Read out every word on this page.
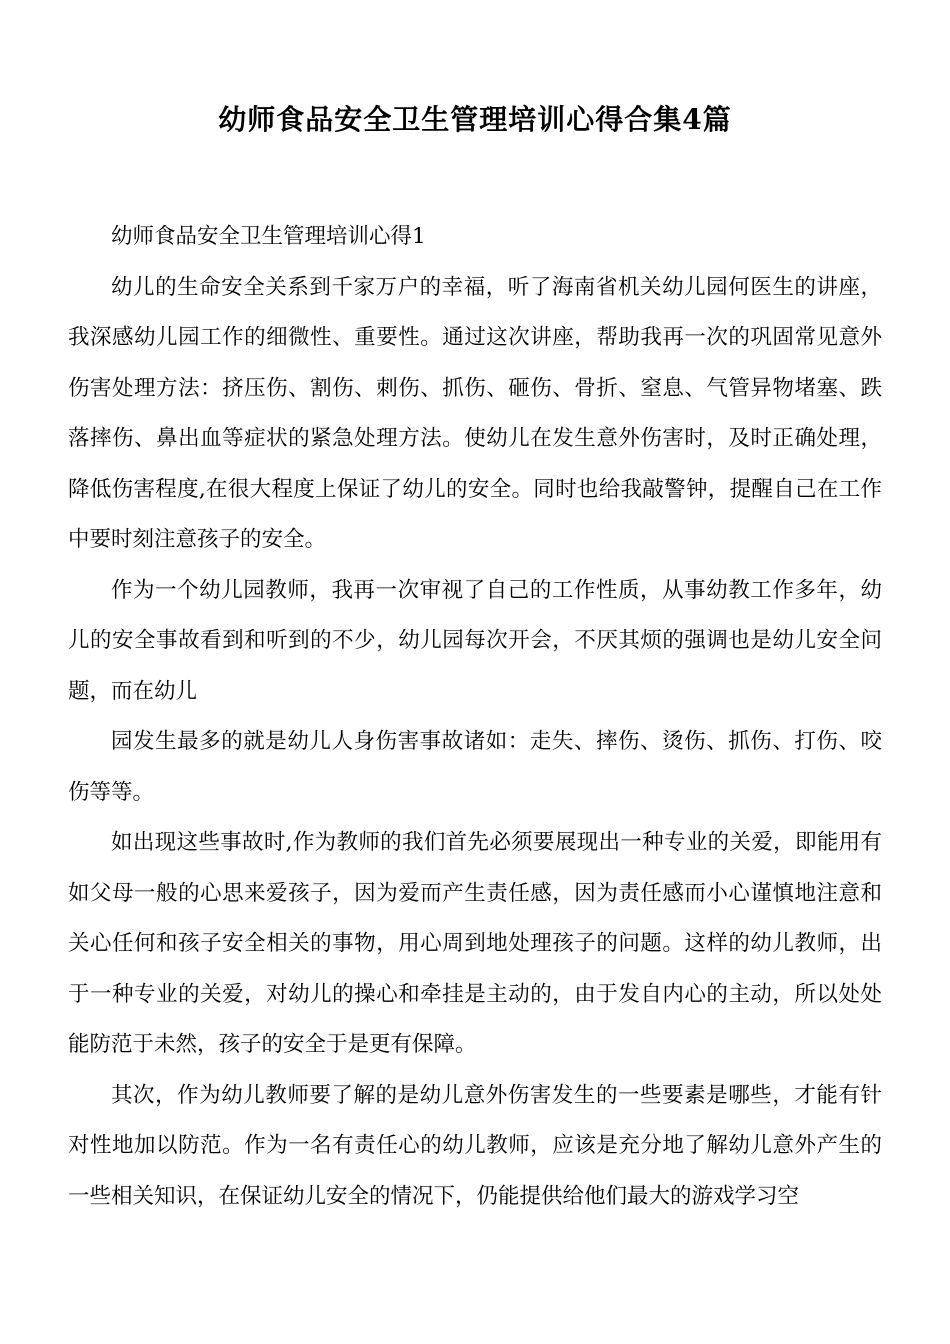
幼师食品安全卫生管理培训心得合集4篇

幼师食品安全卫生管理培训心得1

幼儿的生命安全关系到千家万户的幸福，听了海南省机关幼儿园何医生的讲座，我深感幼儿园工作的细微性、重要性。通过这次讲座，帮助我再一次的巩固常见意外伤害处理方法：挤压伤、割伤、刺伤、抓伤、砸伤、骨折、窒息、气管异物堵塞、跌落摔伤、鼻出血等症状的紧急处理方法。使幼儿在发生意外伤害时，及时正确处理，降低伤害程度,在很大程度上保证了幼儿的安全。同时也给我敲警钟，提醒自己在工作中要时刻注意孩子的安全。

作为一个幼儿园教师，我再一次审视了自己的工作性质，从事幼教工作多年，幼儿的安全事故看到和听到的不少，幼儿园每次开会，不厌其烦的强调也是幼儿安全问题，而在幼儿

园发生最多的就是幼儿人身伤害事故诸如：走失、摔伤、烫伤、抓伤、打伤、咬伤等等。

如出现这些事故时,作为教师的我们首先必须要展现出一种专业的关爱，即能用有如父母一般的心思来爱孩子，因为爱而产生责任感，因为责任感而小心谨慎地注意和关心任何和孩子安全相关的事物，用心周到地处理孩子的问题。这样的幼儿教师，出于一种专业的关爱，对幼儿的操心和牵挂是主动的，由于发自内心的主动，所以处处能防范于未然，孩子的安全于是更有保障。

其次，作为幼儿教师要了解的是幼儿意外伤害发生的一些要素是哪些，才能有针对性地加以防范。作为一名有责任心的幼儿教师，应该是充分地了解幼儿意外产生的一些相关知识，在保证幼儿安全的情况下，仍能提供给他们最大的游戏学习空
